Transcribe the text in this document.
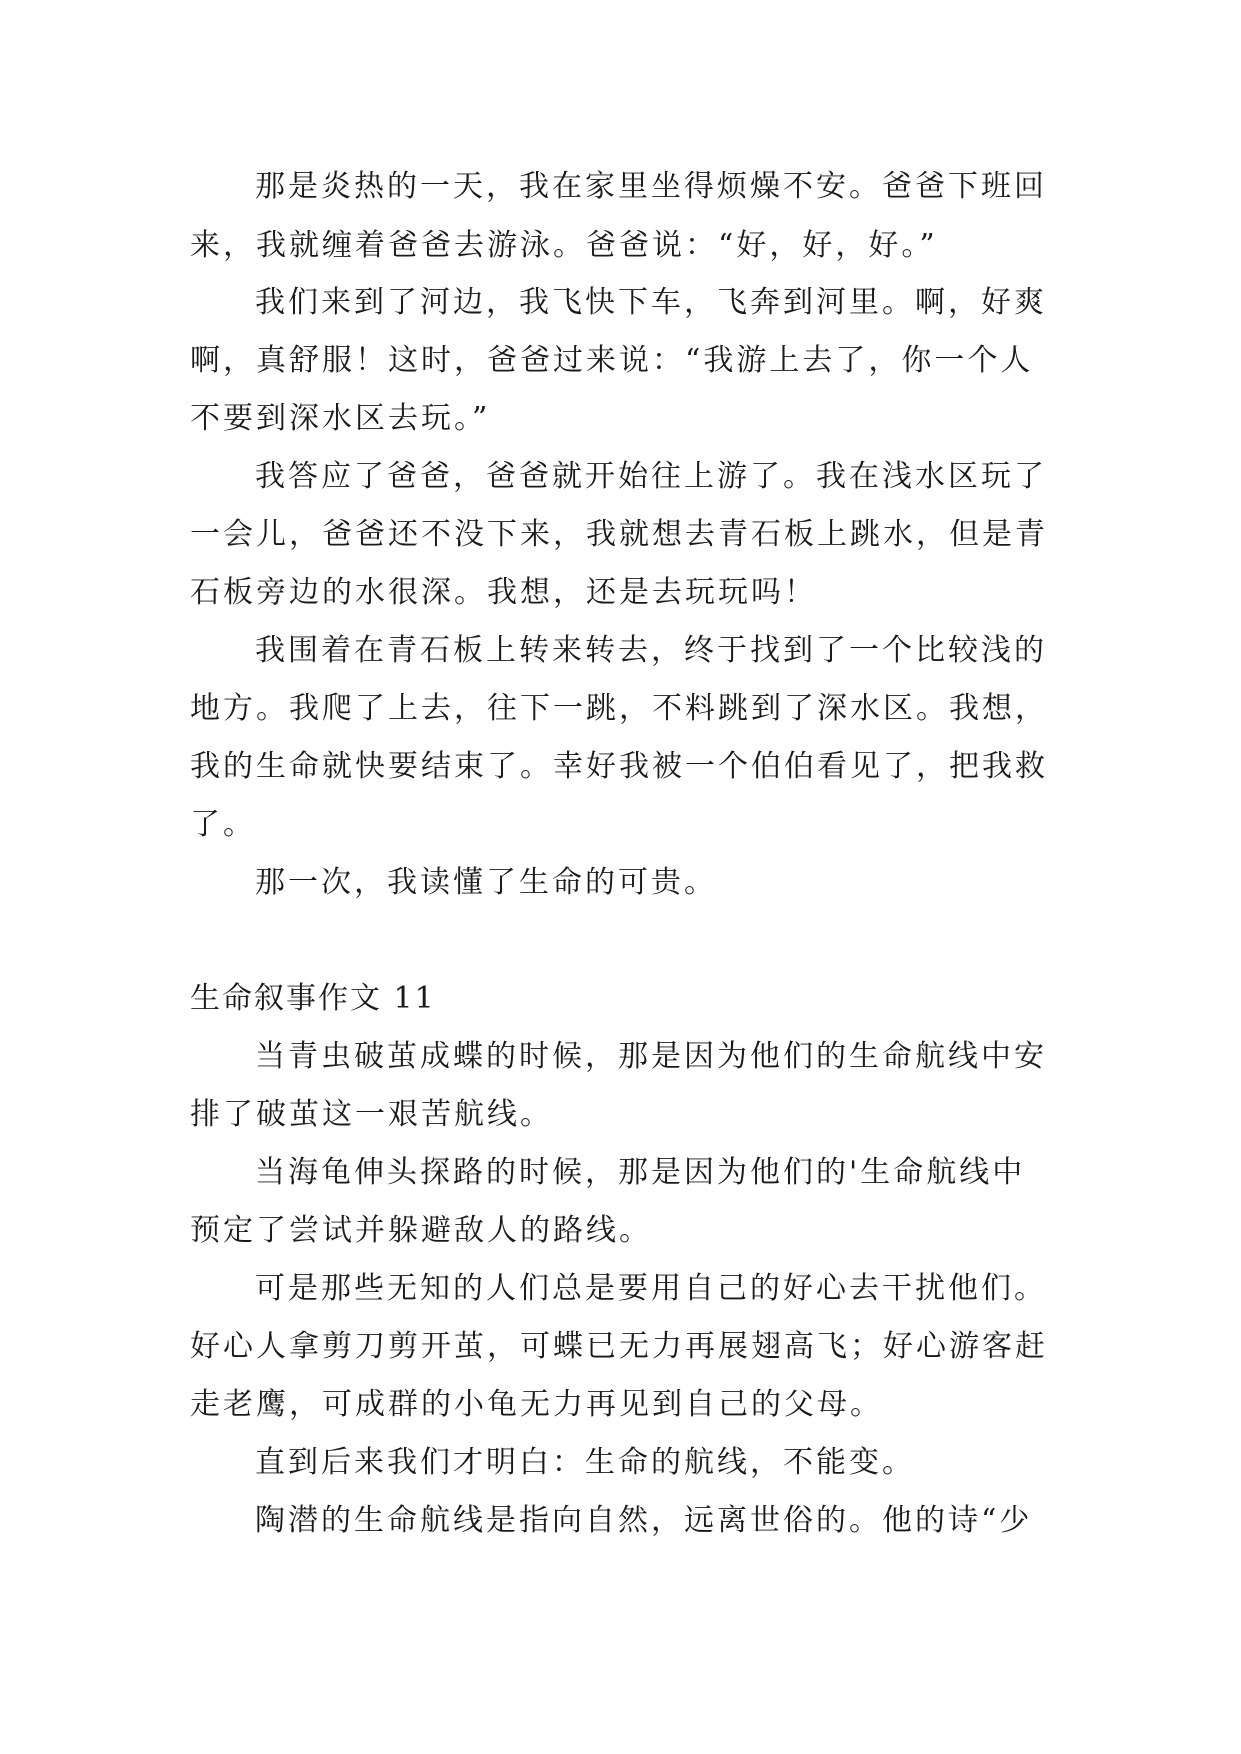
那是炎热的一天，我在家里坐得烦燥不安。爸爸下班回
来，我就缠着爸爸去游泳。爸爸说：“好，好，好。”
我们来到了河边，我飞快下车，飞奔到河里。啊，好爽
啊，真舒服！这时，爸爸过来说：“我游上去了，你一个人
不要到深水区去玩。”
我答应了爸爸，爸爸就开始往上游了。我在浅水区玩了
一会儿，爸爸还不没下来，我就想去青石板上跳水，但是青
石板旁边的水很深。我想，还是去玩玩吗！
我围着在青石板上转来转去，终于找到了一个比较浅的
地方。我爬了上去，往下一跳，不料跳到了深水区。我想，
我的生命就快要结束了。幸好我被一个伯伯看见了，把我救
了。
那一次，我读懂了生命的可贵。
生命叙事作文 11
当青虫破茧成蝶的时候，那是因为他们的生命航线中安
排了破茧这一艰苦航线。
当海龟伸头探路的时候，那是因为他们的'生命航线中
预定了尝试并躲避敌人的路线。
可是那些无知的人们总是要用自己的好心去干扰他们。
好心人拿剪刀剪开茧，可蝶已无力再展翅高飞；好心游客赶
走老鹰，可成群的小龟无力再见到自己的父母。
直到后来我们才明白：生命的航线，不能变。
陶潜的生命航线是指向自然，远离世俗的。他的诗“少
